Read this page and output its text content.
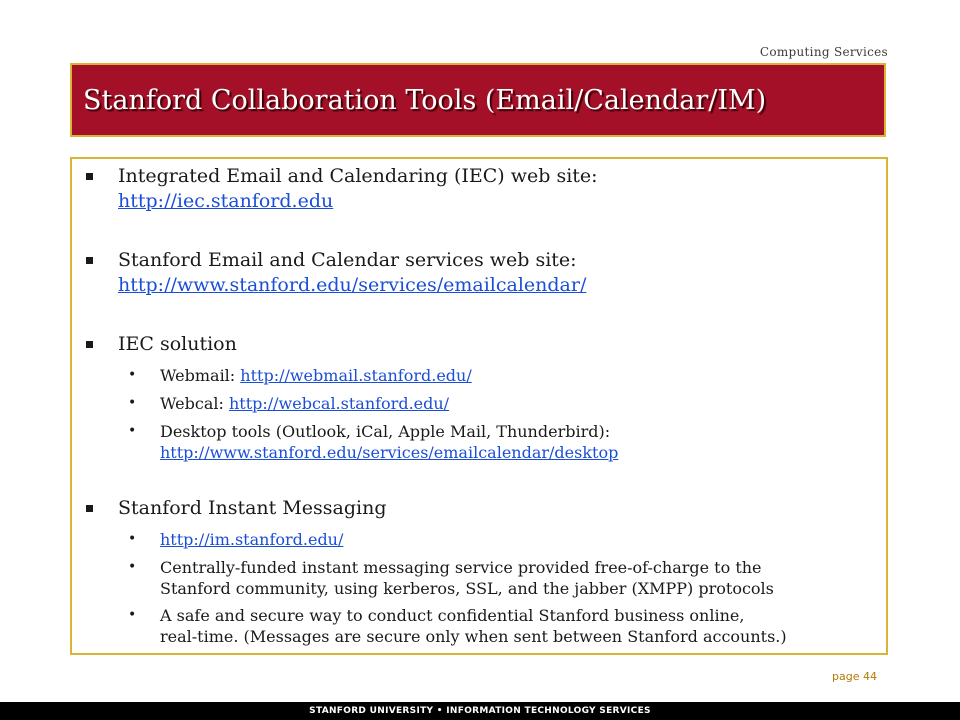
Computing Services
Stanford Collaboration Tools (Email/Calendar/IM)
Integrated Email and Calendaring (IEC) web site:
http://iec.stanford.edu
Stanford Email and Calendar services web site:
http://www.stanford.edu/services/emailcalendar/
IEC solution
• Webmail: http://webmail.stanford.edu/
• Webcal: http://webcal.stanford.edu/
• Desktop tools (Outlook, iCal, Apple Mail, Thunderbird):
http://www.stanford.edu/services/emailcalendar/desktop
Stanford Instant Messaging
• http://im.stanford.edu/
• Centrally-funded instant messaging service provided free-of-charge to the
Stanford community, using kerberos, SSL, and the jabber (XMPP) protocols
• A safe and secure way to conduct confidential Stanford business online,
real-time. (Messages are secure only when sent between Stanford accounts.)
page 44
STANFORD UNIVERSITY • INFORMATION TECHNOLOGY SERVICES
